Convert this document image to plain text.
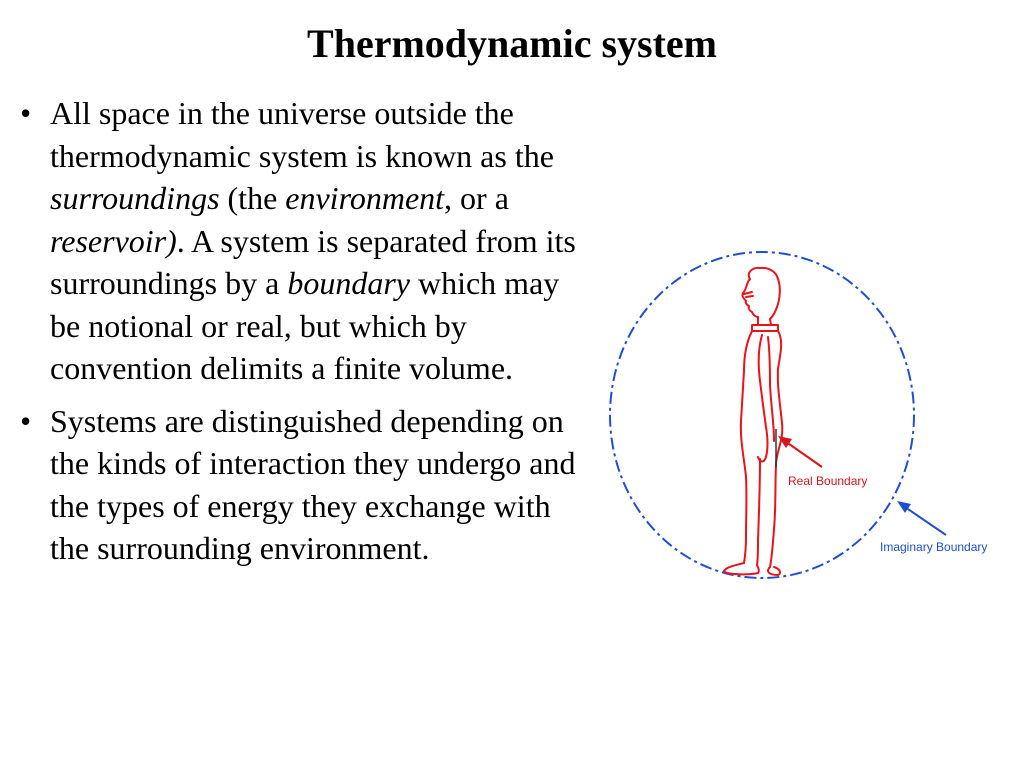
Thermodynamic system
• All space in the universe outside the thermodynamic system is known as the surroundings (the environment, or a reservoir). A system is separated from its surroundings by a boundary which may be notional or real, but which by convention delimits a finite volume.
• Systems are distinguished depending on the kinds of interaction they undergo and the types of energy they exchange with the surrounding environment.
Real Boundary
Imaginary Boundary
